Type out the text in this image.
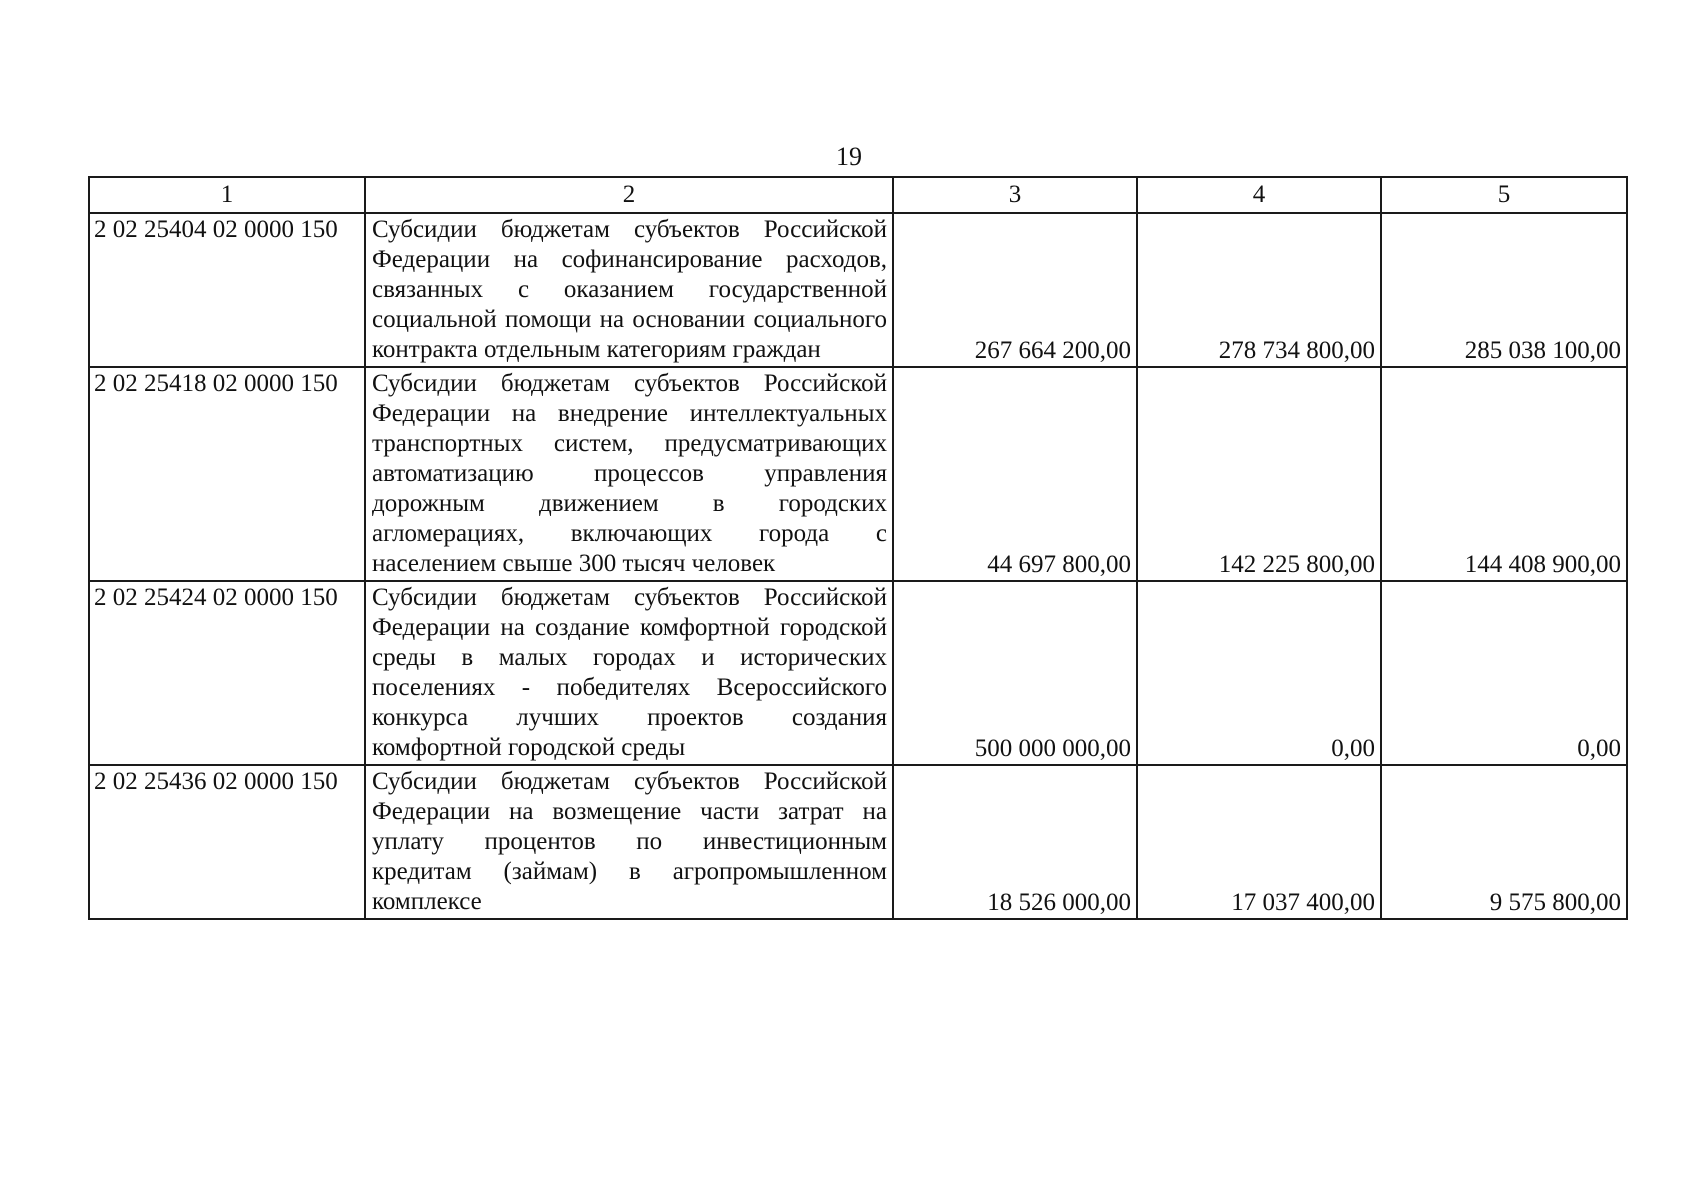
19
1	2	3	4	5
2 02 25404 02 0000 150	Субсидии бюджетам субъектов Российской Федерации на софинансирование расходов, связанных с оказанием государственной социальной помощи на основании социального контракта отдельным категориям граждан	267 664 200,00	278 734 800,00	285 038 100,00
2 02 25418 02 0000 150	Субсидии бюджетам субъектов Российской Федерации на внедрение интеллектуальных транспортных систем, предусматривающих автоматизацию процессов управления дорожным движением в городских агломерациях, включающих города с населением свыше 300 тысяч человек	44 697 800,00	142 225 800,00	144 408 900,00
2 02 25424 02 0000 150	Субсидии бюджетам субъектов Российской Федерации на создание комфортной городской среды в малых городах и исторических поселениях - победителях Всероссийского конкурса лучших проектов создания комфортной городской среды	500 000 000,00	0,00	0,00
2 02 25436 02 0000 150	Субсидии бюджетам субъектов Российской Федерации на возмещение части затрат на уплату процентов по инвестиционным кредитам (займам) в агропромышленном комплексе	18 526 000,00	17 037 400,00	9 575 800,00
